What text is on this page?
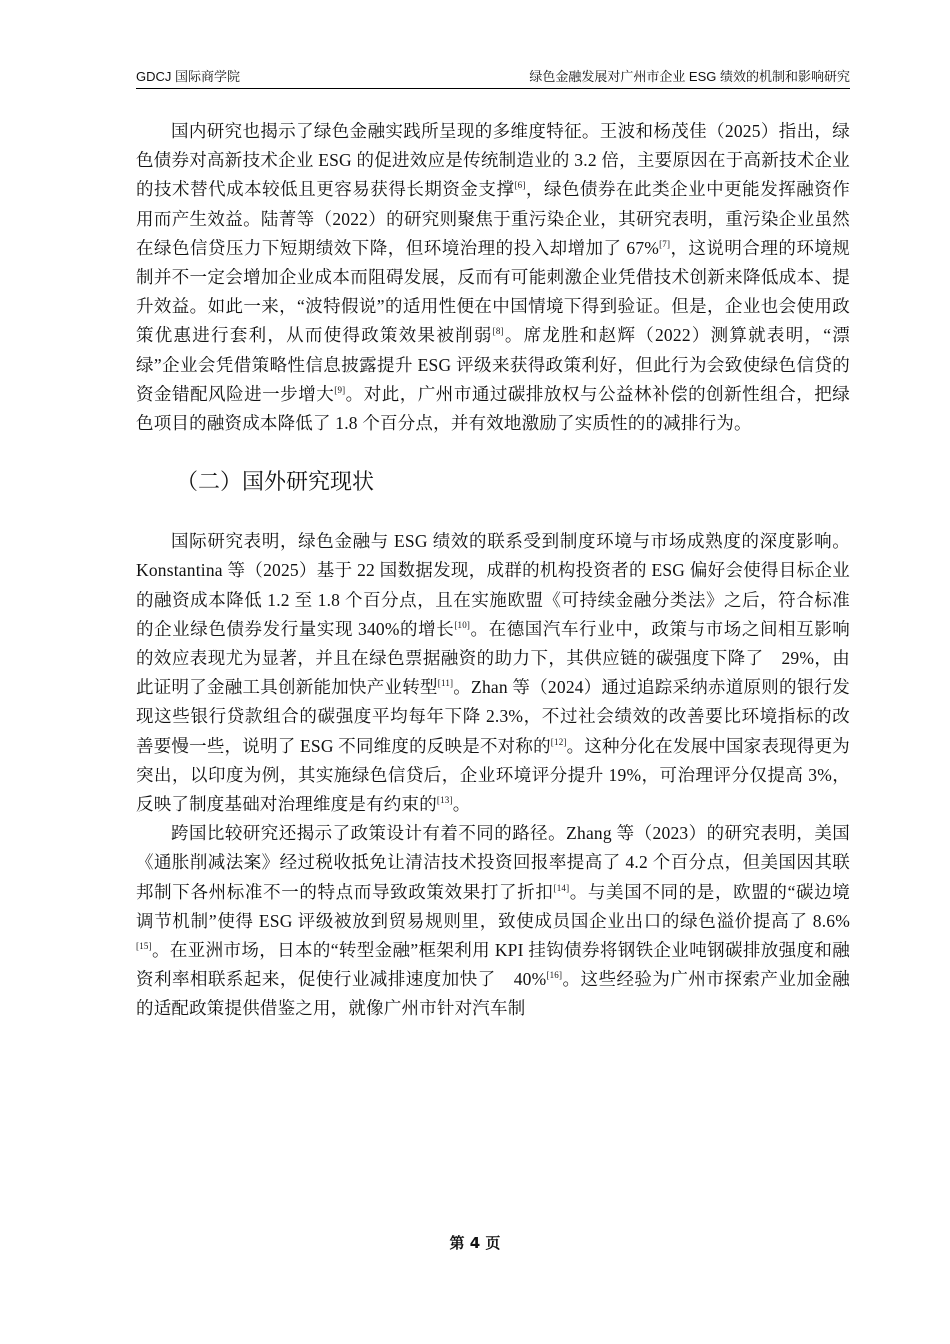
GDCJ 国际商学院	绿色金融发展对广州市企业 ESG 绩效的机制和影响研究

国内研究也揭示了绿色金融实践所呈现的多维度特征。王波和杨茂佳（2025）指出，绿色债券对高新技术企业 ESG 的促进效应是传统制造业的 3.2 倍，主要原因在于高新技术企业的技术替代成本较低且更容易获得长期资金支撑[6]，绿色债券在此类企业中更能发挥融资作用而产生效益。陆菁等（2022）的研究则聚焦于重污染企业，其研究表明，重污染企业虽然在绿色信贷压力下短期绩效下降，但环境治理的投入却增加了 67%[7]，这说明合理的环境规制并不一定会增加企业成本而阻碍发展，反而有可能刺激企业凭借技术创新来降低成本、提升效益。如此一来，“波特假说”的适用性便在中国情境下得到验证。但是，企业也会使用政策优惠进行套利，从而使得政策效果被削弱[8]。席龙胜和赵辉（2022）测算就表明，“漂绿”企业会凭借策略性信息披露提升 ESG 评级来获得政策利好，但此行为会致使绿色信贷的资金错配风险进一步增大[9]。对此，广州市通过碳排放权与公益林补偿的创新性组合，把绿色项目的融资成本降低了 1.8 个百分点，并有效地激励了实质性的的减排行为。

（二）国外研究现状

国际研究表明，绿色金融与 ESG 绩效的联系受到制度环境与市场成熟度的深度影响。Konstantina 等（2025）基于 22 国数据发现，成群的机构投资者的 ESG 偏好会使得目标企业的融资成本降低 1.2 至 1.8 个百分点，且在实施欧盟《可持续金融分类法》之后，符合标准的企业绿色债券发行量实现 340%的增长[10]。在德国汽车行业中，政策与市场之间相互影响的效应表现尤为显著，并且在绿色票据融资的助力下，其供应链的碳强度下降了　29%，由此证明了金融工具创新能加快产业转型[11]。Zhan 等（2024）通过追踪采纳赤道原则的银行发现这些银行贷款组合的碳强度平均每年下降 2.3%，不过社会绩效的改善要比环境指标的改善要慢一些，说明了 ESG 不同维度的反映是不对称的[12]。这种分化在发展中国家表现得更为突出，以印度为例，其实施绿色信贷后，企业环境评分提升 19%，可治理评分仅提高 3%，反映了制度基础对治理维度是有约束的[13]。

跨国比较研究还揭示了政策设计有着不同的路径。Zhang 等（2023）的研究表明，美国《通胀削减法案》经过税收抵免让清洁技术投资回报率提高了 4.2 个百分点，但美国因其联邦制下各州标准不一的特点而导致政策效果打了折扣[14]。与美国不同的是，欧盟的“碳边境调节机制”使得 ESG 评级被放到贸易规则里，致使成员国企业出口的绿色溢价提高了 8.6%[15]。在亚洲市场，日本的“转型金融”框架利用 KPI 挂钩债券将钢铁企业吨钢碳排放强度和融资利率相联系起来，促使行业减排速度加快了　40%[16]。这些经验为广州市探索产业加金融的适配政策提供借鉴之用，就像广州市针对汽车制

第 4 页
